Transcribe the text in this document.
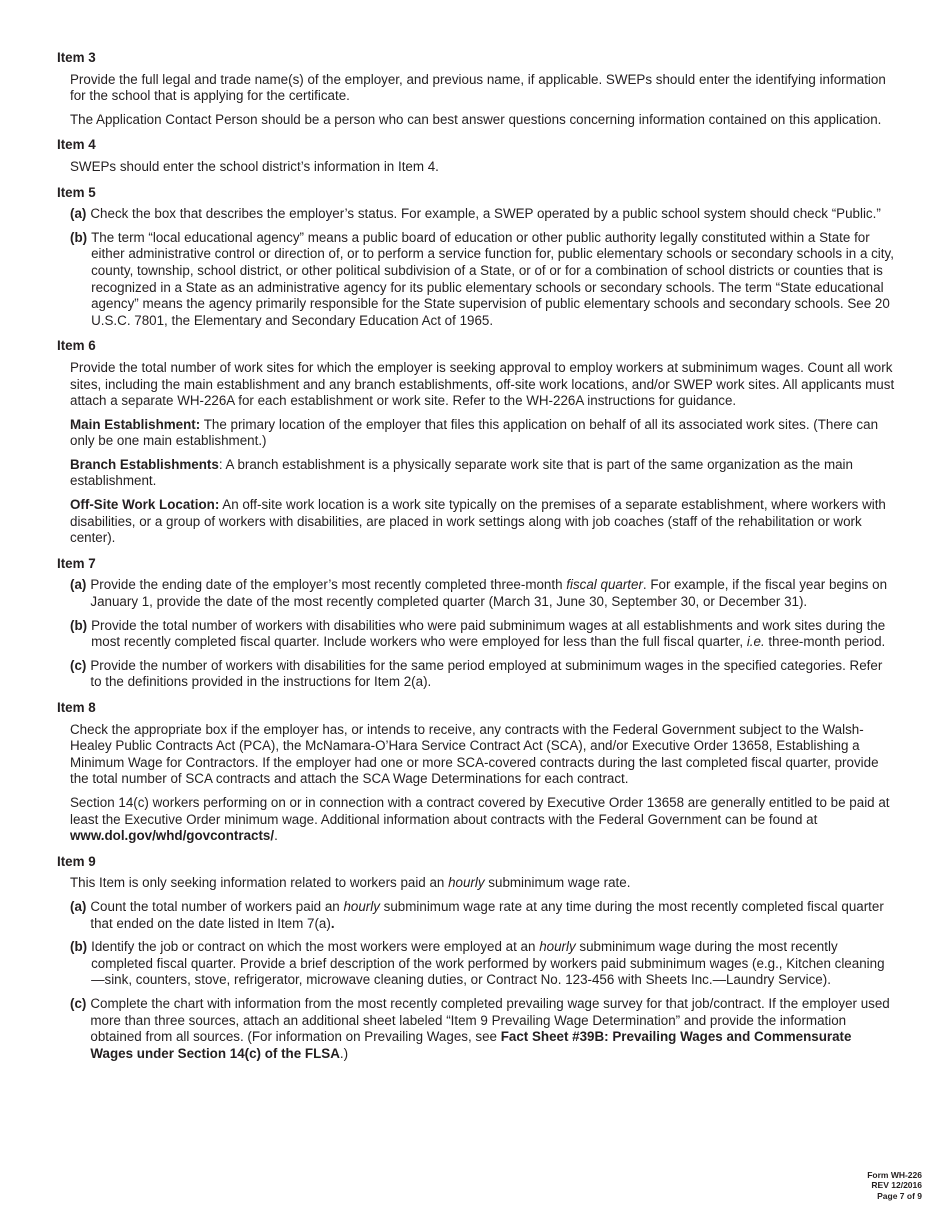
Item 3

Provide the full legal and trade name(s) of the employer, and previous name, if applicable. SWEPs should enter the identifying information for the school that is applying for the certificate.

The Application Contact Person should be a person who can best answer questions concerning information contained on this application.

Item 4

SWEPs should enter the school district’s information in Item 4.

Item 5

(a) Check the box that describes the employer’s status. For example, a SWEP operated by a public school system should check “Public.”
(b) The term “local educational agency” means a public board of education or other public authority legally constituted within a State for either administrative control or direction of, or to perform a service function for, public elementary schools or secondary schools in a city, county, township, school district, or other political subdivision of a State, or of or for a combination of school districts or counties that is recognized in a State as an administrative agency for its public elementary schools or secondary schools. The term “State educational agency” means the agency primarily responsible for the State supervision of public elementary schools and secondary schools. See 20 U.S.C. 7801, the Elementary and Secondary Education Act of 1965.

Item 6

Provide the total number of work sites for which the employer is seeking approval to employ workers at subminimum wages. Count all work sites, including the main establishment and any branch establishments, off-site work locations, and/or SWEP work sites. All applicants must attach a separate WH-226A for each establishment or work site. Refer to the WH-226A instructions for guidance.

Main Establishment: The primary location of the employer that files this application on behalf of all its associated work sites. (There can only be one main establishment.)

Branch Establishments: A branch establishment is a physically separate work site that is part of the same organization as the main establishment.

Off-Site Work Location: An off-site work location is a work site typically on the premises of a separate establishment, where workers with disabilities, or a group of workers with disabilities, are placed in work settings along with job coaches (staff of the rehabilitation or work center).

Item 7

(a) Provide the ending date of the employer’s most recently completed three-month fiscal quarter. For example, if the fiscal year begins on January 1, provide the date of the most recently completed quarter (March 31, June 30, September 30, or December 31).
(b) Provide the total number of workers with disabilities who were paid subminimum wages at all establishments and work sites during the most recently completed fiscal quarter. Include workers who were employed for less than the full fiscal quarter, i.e. three-month period.
(c) Provide the number of workers with disabilities for the same period employed at subminimum wages in the specified categories. Refer to the definitions provided in the instructions for Item 2(a).

Item 8

Check the appropriate box if the employer has, or intends to receive, any contracts with the Federal Government subject to the Walsh-Healey Public Contracts Act (PCA), the McNamara-O’Hara Service Contract Act (SCA), and/or Executive Order 13658, Establishing a Minimum Wage for Contractors. If the employer had one or more SCA-covered contracts during the last completed fiscal quarter, provide the total number of SCA contracts and attach the SCA Wage Determinations for each contract.

Section 14(c) workers performing on or in connection with a contract covered by Executive Order 13658 are generally entitled to be paid at least the Executive Order minimum wage. Additional information about contracts with the Federal Government can be found at www.dol.gov/whd/govcontracts/.

Item 9

This Item is only seeking information related to workers paid an hourly subminimum wage rate.

(a) Count the total number of workers paid an hourly subminimum wage rate at any time during the most recently completed fiscal quarter that ended on the date listed in Item 7(a).
(b) Identify the job or contract on which the most workers were employed at an hourly subminimum wage during the most recently completed fiscal quarter. Provide a brief description of the work performed by workers paid subminimum wages (e.g., Kitchen cleaning—sink, counters, stove, refrigerator, microwave cleaning duties, or Contract No. 123-456 with Sheets Inc.—Laundry Service).
(c) Complete the chart with information from the most recently completed prevailing wage survey for that job/contract. If the employer used more than three sources, attach an additional sheet labeled “Item 9 Prevailing Wage Determination” and provide the information obtained from all sources. (For information on Prevailing Wages, see Fact Sheet #39B: Prevailing Wages and Commensurate Wages under Section 14(c) of the FLSA.)
Form WH-226
REV 12/2016
Page 7 of 9
